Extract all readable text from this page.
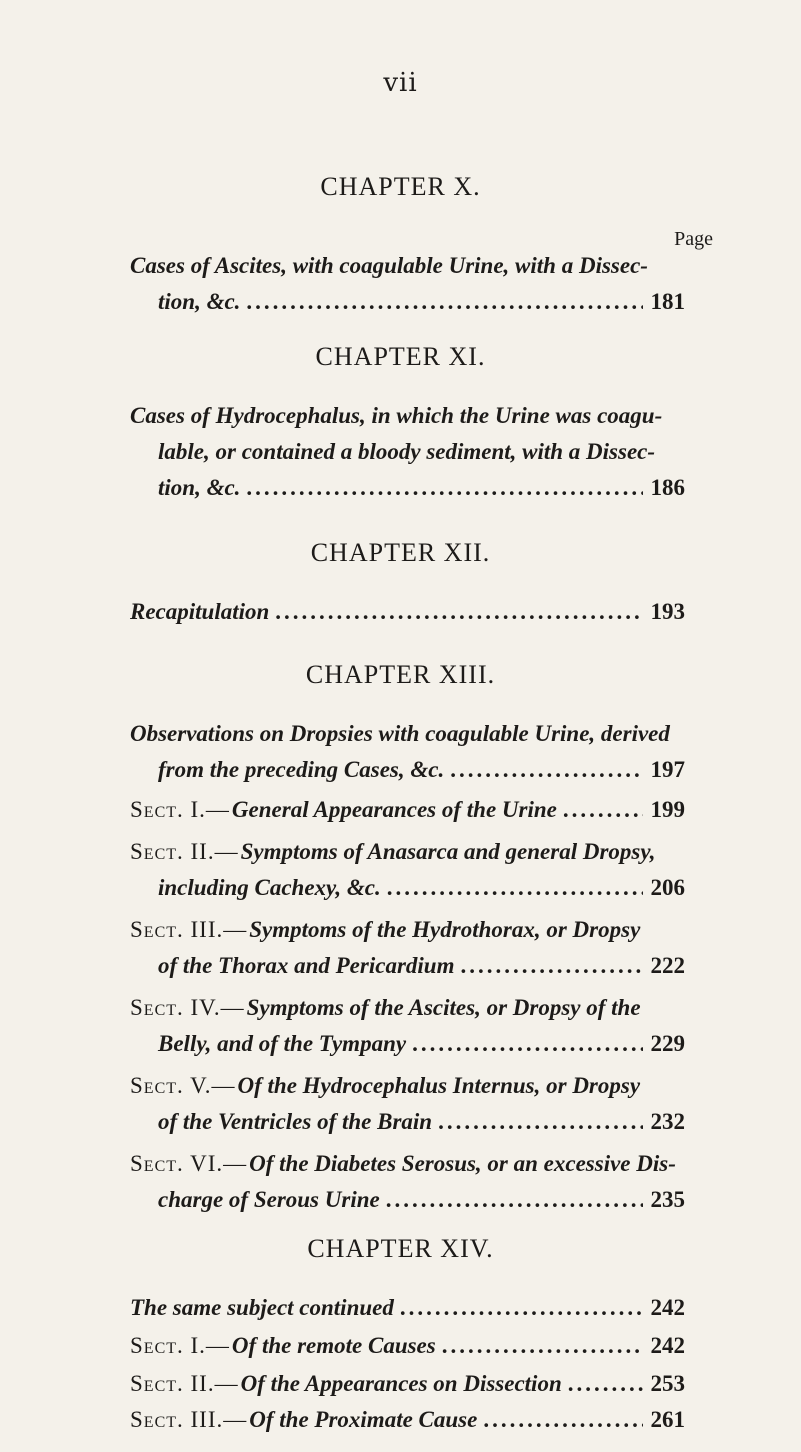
vii
CHAPTER X.
Page
Cases of Ascites, with coagulable Urine, with a Dissec-
tion, &c. .....	181
CHAPTER XI.
Cases of Hydrocephalus, in which the Urine was coagu-
lable, or contained a bloody sediment, with a Dissec-
tion, &c. .....	186
CHAPTER XII.
Recapitulation .....	193
CHAPTER XIII.
Observations on Dropsies with coagulable Urine, derived
from the preceding Cases, &c. .....	197
Sect. I.— General Appearances of the Urine .....	199
Sect. II.— Symptoms of Anasarca and general Dropsy,
including Cachexy, &c. .....	206
Sect. III.— Symptoms of the Hydrothorax, or Dropsy
of the Thorax and Pericardium .....	222
Sect. IV.— Symptoms of the Ascites, or Dropsy of the
Belly, and of the Tympany .....	229
Sect. V.— Of the Hydrocephalus Internus, or Dropsy
of the Ventricles of the Brain .....	232
Sect. VI.— Of the Diabetes Serosus, or an excessive Dis-
charge of Serous Urine .....	235
CHAPTER XIV.
The same subject continued .....	242
Sect. I.— Of the remote Causes .....	242
Sect. II.— Of the Appearances on Dissection .....	253
Sect. III.— Of the Proximate Cause .....	261
